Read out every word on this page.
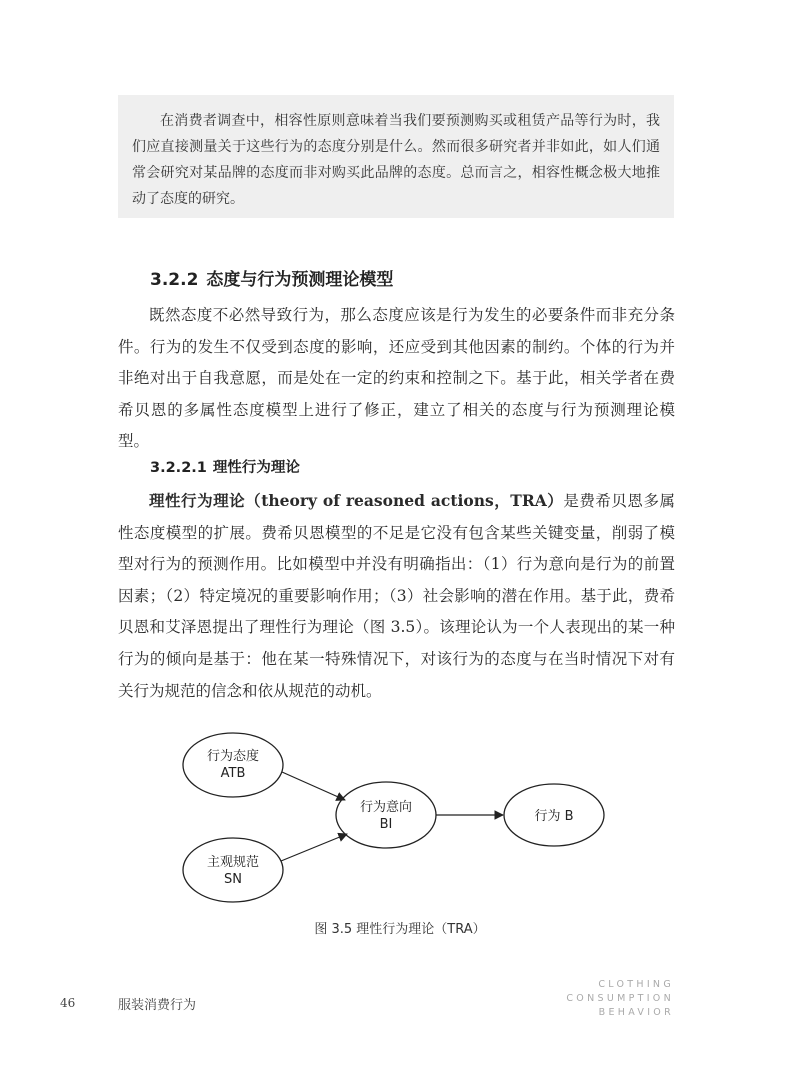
在消费者调查中，相容性原则意味着当我们要预测购买或租赁产品等行为时，我们应直接测量关于这些行为的态度分别是什么。然而很多研究者并非如此，如人们通常会研究对某品牌的态度而非对购买此品牌的态度。总而言之，相容性概念极大地推动了态度的研究。

3.2.2 态度与行为预测理论模型

既然态度不必然导致行为，那么态度应该是行为发生的必要条件而非充分条件。行为的发生不仅受到态度的影响，还应受到其他因素的制约。个体的行为并非绝对出于自我意愿，而是处在一定的约束和控制之下。基于此，相关学者在费希贝恩的多属性态度模型上进行了修正，建立了相关的态度与行为预测理论模型。

3.2.2.1 理性行为理论

理性行为理论（theory of reasoned actions，TRA）是费希贝恩多属性态度模型的扩展。费希贝恩模型的不足是它没有包含某些关键变量，削弱了模型对行为的预测作用。比如模型中并没有明确指出：（1）行为意向是行为的前置因素；（2）特定境况的重要影响作用；（3）社会影响的潜在作用。基于此，费希贝恩和艾泽恩提出了理性行为理论（图 3.5）。该理论认为一个人表现出的某一种行为的倾向是基于：他在某一特殊情况下，对该行为的态度与在当时情况下对有关行为规范的信念和依从规范的动机。

行为态度
ATB
主观规范
SN
行为意向
BI
行为 B
图 3.5 理性行为理论（TRA）
46	服装消费行为
CLOTHING
CONSUMPTION
BEHAVIOR
